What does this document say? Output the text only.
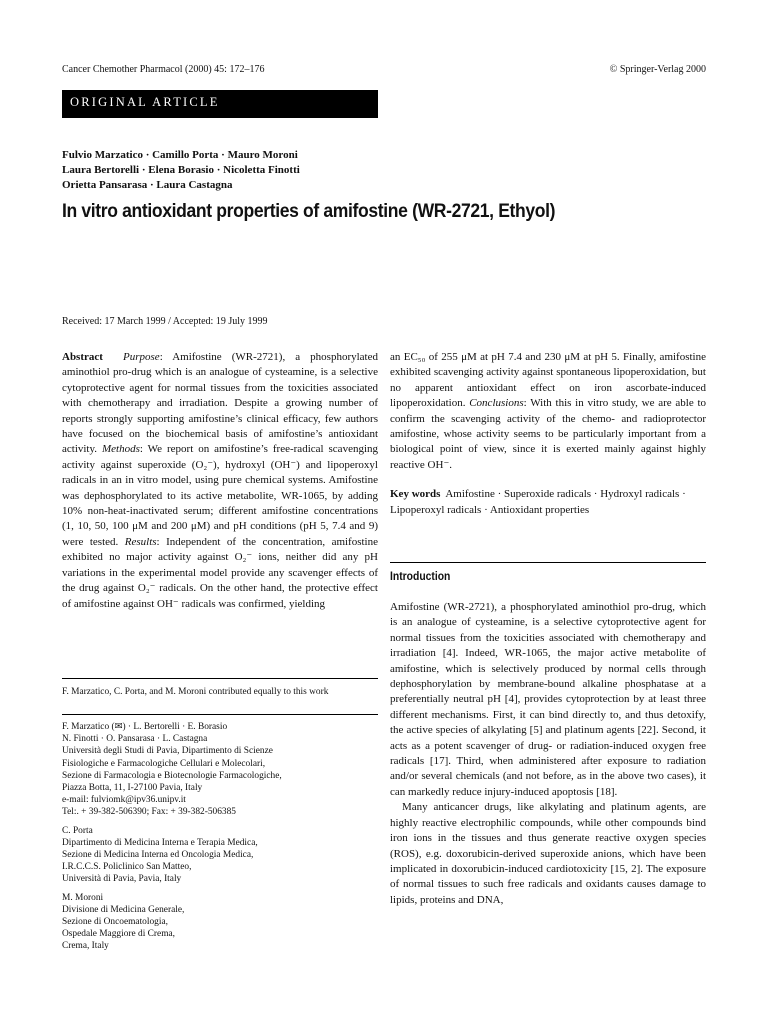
Cancer Chemother Pharmacol (2000) 45: 172–176	© Springer-Verlag 2000
ORIGINAL ARTICLE
Fulvio Marzatico · Camillo Porta · Mauro Moroni
Laura Bertorelli · Elena Borasio · Nicoletta Finotti
Orietta Pansarasa · Laura Castagna
In vitro antioxidant properties of amifostine (WR-2721, Ethyol)
Received: 17 March 1999 / Accepted: 19 July 1999

Abstract Purpose: Amifostine (WR-2721), a phosphorylated aminothiol pro-drug which is an analogue of cysteamine, is a selective cytoprotective agent for normal tissues from the toxicities associated with chemotherapy and irradiation. Despite a growing number of reports strongly supporting amifostine’s clinical efficacy, few authors have focused on the biochemical basis of amifostine’s antioxidant activity. Methods: We report on amifostine’s free-radical scavenging activity against superoxide (O₂⁻), hydroxyl (OH⁻) and lipoperoxyl radicals in an in vitro model, using pure chemical systems. Amifostine was dephosphorylated to its active metabolite, WR-1065, by adding 10% non-heat-inactivated serum; different amifostine concentrations (1, 10, 50, 100 μM and 200 μM) and pH conditions (pH 5, 7.4 and 9) were tested. Results: Independent of the concentration, amifostine exhibited no major activity against O₂⁻ ions, neither did any pH variations in the experimental model provide any scavenger effects of the drug against O₂⁻ radicals. On the other hand, the protective effect of amifostine against OH⁻ radicals was confirmed, yielding

an EC₅₀ of 255 μM at pH 7.4 and 230 μM at pH 5. Finally, amifostine exhibited scavenging activity against spontaneous lipoperoxidation, but no apparent antioxidant effect on iron ascorbate-induced lipoperoxidation. Conclusions: With this in vitro study, we are able to confirm the scavenging activity of the chemo- and radioprotector amifostine, whose activity seems to be particularly important from a biological point of view, since it is exerted mainly against highly reactive OH⁻.

Key words Amifostine · Superoxide radicals · Hydroxyl radicals · Lipoperoxyl radicals · Antioxidant properties

Introduction

Amifostine (WR-2721), a phosphorylated aminothiol pro-drug, which is an analogue of cysteamine, is a selective cytoprotective agent for normal tissues from the toxicities associated with chemotherapy and irradiation [4]. Indeed, WR-1065, the major active metabolite of amifostine, which is selectively produced by normal cells through dephosphorylation by membrane-bound alkaline phosphatase at a preferentially neutral pH [4], provides cytoprotection by at least three different mechanisms. First, it can bind directly to, and thus detoxify, the active species of alkylating [5] and platinum agents [22]. Second, it acts as a potent scavenger of drug- or radiation-induced oxygen free radicals [17]. Third, when administered after exposure to radiation and/or several chemicals (and not before, as in the above two cases), it can markedly reduce injury-induced apoptosis [18].

Many anticancer drugs, like alkylating and platinum agents, are highly reactive electrophilic compounds, while other compounds bind iron ions in the tissues and thus generate reactive oxygen species (ROS), e.g. doxorubicin-derived superoxide anions, which have been implicated in doxorubicin-induced cardiotoxicity [15, 2]. The exposure of normal tissues to such free radicals and oxidants causes damage to lipids, proteins and DNA,

F. Marzatico, C. Porta, and M. Moroni contributed equally to this work
F. Marzatico (✉) · L. Bertorelli · E. Borasio
N. Finotti · O. Pansarasa · L. Castagna
Università degli Studi di Pavia, Dipartimento di Scienze
Fisiologiche e Farmacologiche Cellulari e Molecolari,
Sezione di Farmacologia e Biotecnologie Farmacologiche,
Piazza Botta, 11, I-27100 Pavia, Italy
e-mail: fulviomk@ipv36.unipv.it
Tel:. + 39-382-506390; Fax: + 39-382-506385
C. Porta
Dipartimento di Medicina Interna e Terapia Medica,
Sezione di Medicina Interna ed Oncologia Medica,
I.R.C.C.S. Policlinico San Matteo,
Università di Pavia, Pavia, Italy
M. Moroni
Divisione di Medicina Generale,
Sezione di Oncoematologia,
Ospedale Maggiore di Crema,
Crema, Italy
